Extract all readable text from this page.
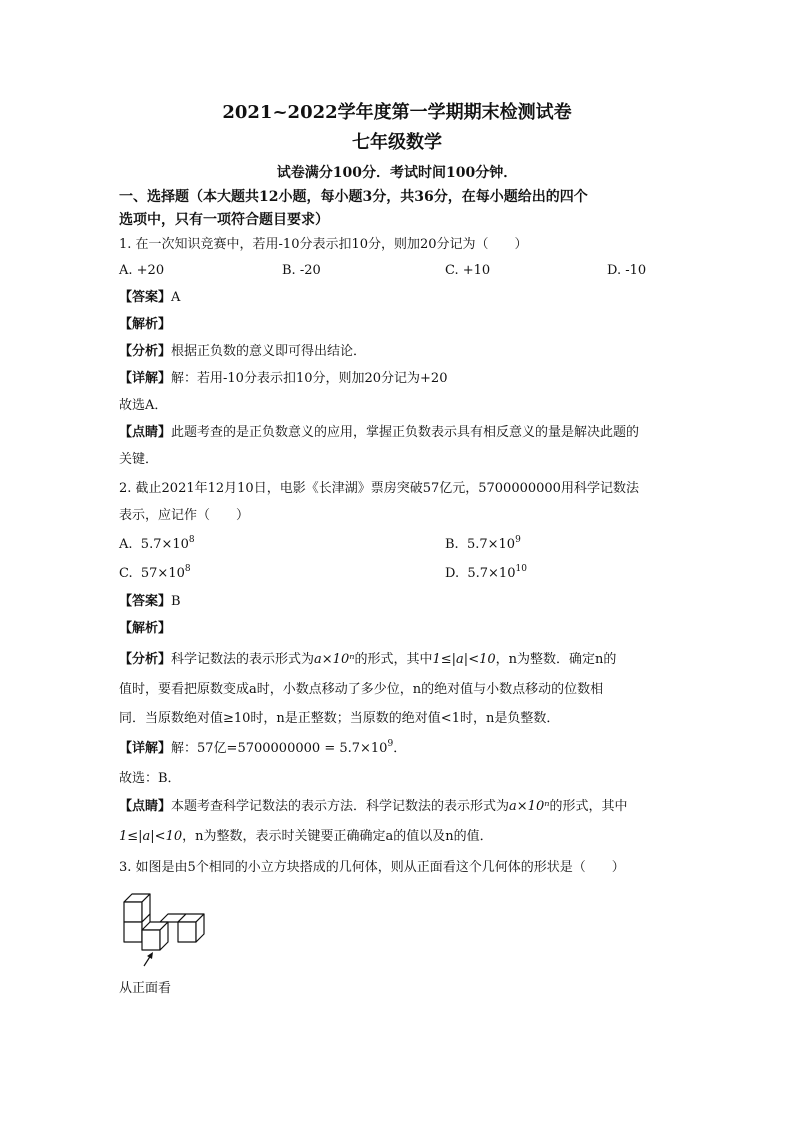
2021~2022学年度第一学期期末检测试卷
七年级数学
试卷满分100分．考试时间100分钟．
一、选择题（本大题共12小题，每小题3分，共36分，在每小题给出的四个
选项中，只有一项符合题目要求）
1. 在一次知识竞赛中，若用-10分表示扣10分，则加20分记为（　　）
A. +20	B. -20	C. +10	D. -10
【答案】A
【解析】
【分析】根据正负数的意义即可得出结论．
【详解】解：若用-10分表示扣10分，则加20分记为+20
故选A．
【点睛】此题考查的是正负数意义的应用，掌握正负数表示具有相反意义的量是解决此题的
关键．
2. 截止2021年12月10日，电影《长津湖》票房突破57亿元，5700000000用科学记数法
表示，应记作（　　）
A. $5.7\times 10^8$	B. $5.7\times 10^9$
C. $57\times 10^8$	D. $5.7\times 10^{10}$
【答案】B
【解析】
【分析】科学记数法的表示形式为a×10ⁿ的形式，其中1≤|a|<10，n为整数．确定n的
值时，要看把原数变成a时，小数点移动了多少位，n的绝对值与小数点移动的位数相
同．当原数绝对值≥10时，n是正整数；当原数的绝对值<1时，n是负整数．
【详解】解：57亿$=5700000000 = 5.7\times 10^9$．
故选：B．
【点睛】本题考查科学记数法的表示方法．科学记数法的表示形式为a×10ⁿ的形式，其中
1≤|a|<10，n为整数，表示时关键要正确确定a的值以及n的值．
3. 如图是由5个相同的小立方块搭成的几何体，则从正面看这个几何体的形状是（　　）
从正面看
